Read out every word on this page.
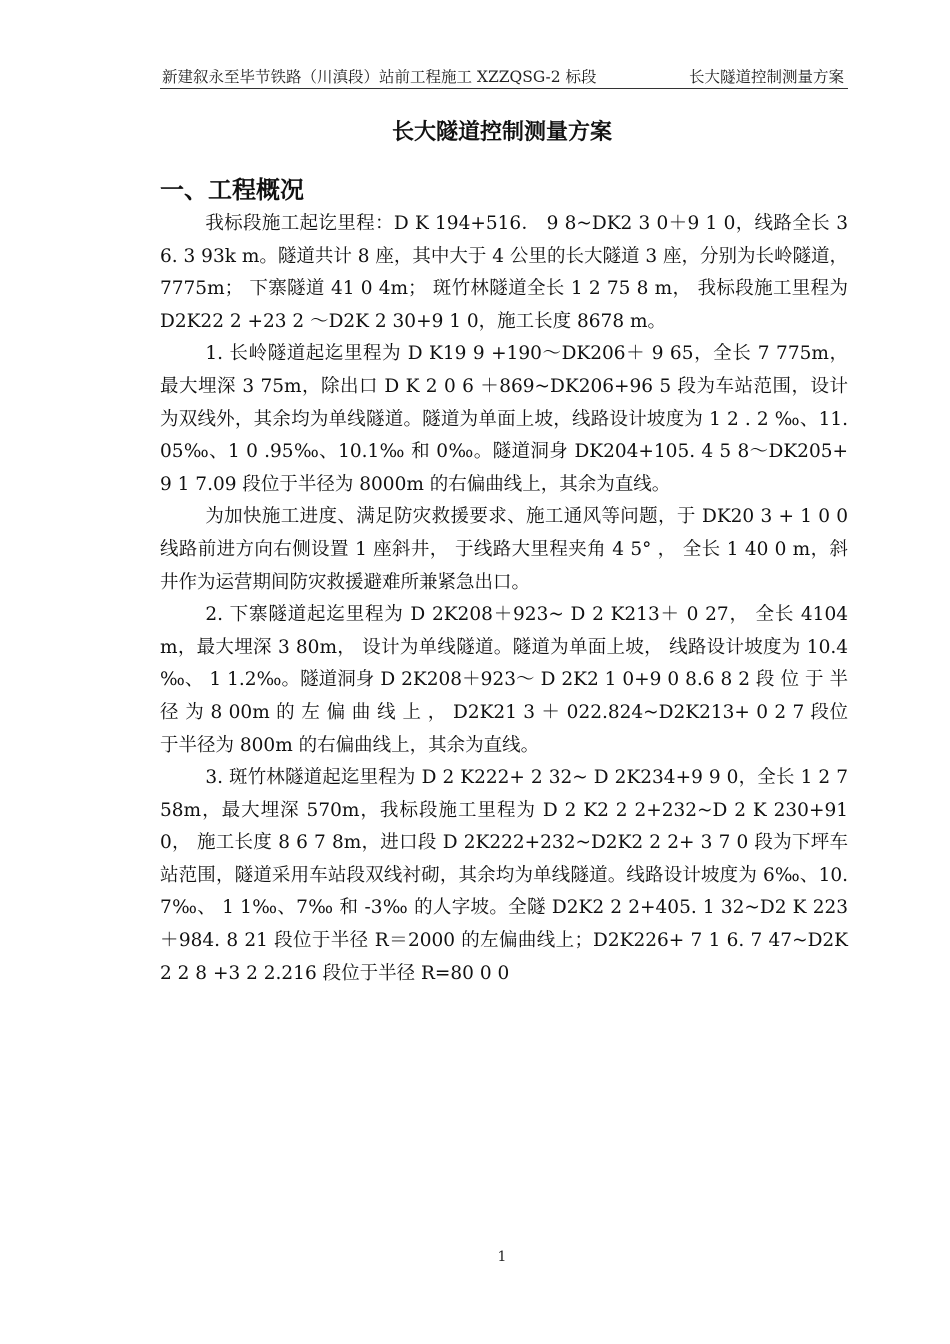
新建叙永至毕节铁路（川滇段）站前工程施工 XZZQSG-2 标段	长大隧道控制测量方案
长大隧道控制测量方案
一、工程概况

我标段施工起讫里程：D K 194+516． 9 8~DK2 3 0＋9 1 0，线路全长 36. 3 93k m。隧道共计 8 座，其中大于 4 公里的长大隧道 3 座，分别为长岭隧道，7775m； 下寨隧道 41 0 4m； 斑竹林隧道全长 1 2 75 8 m， 我标段施工里程为 D2K22 2 +23 2 ～D2K 2 30+9 1 0，施工长度 8678 m。

1. 长岭隧道起迄里程为 D K19 9 +190～DK206＋ 9 65，全长 7 775m，最大埋深 3 75m，除出口 D K 2 0 6 ＋869~DK206+96 5 段为车站范围，设计为双线外，其余均为单线隧道。隧道为单面上坡，线路设计坡度为 1 2 . 2 ‰、11.05‰、1 0 .95‰、10.1‰ 和 0‰。隧道洞身 DK204+105. 4 5 8～DK205+9 1 7.09 段位于半径为 8000m 的右偏曲线上，其余为直线。

为加快施工进度、满足防灾救援要求、施工通风等问题，于 DK20 3 + 1 0 0 线路前进方向右侧设置 1 座斜井， 于线路大里程夹角 4 5° ， 全长 1 40 0 m，斜井作为运营期间防灾救援避难所兼紧急出口。

2. 下寨隧道起迄里程为 D 2K208＋923~ D 2 K213＋ 0 27， 全长 4104 m，最大埋深 3 80m， 设计为单线隧道。隧道为单面上坡， 线路设计坡度为 10.4 ‰、 1 1.2‰。隧道洞身 D 2K208＋923～ D 2K2 1 0+9 0 8.6 8 2 段 位 于 半 径 为 8 00m 的 左 偏 曲 线 上 ， D2K21 3 ＋ 022.824~D2K213+ 0 2 7 段位于半径为 800m 的右偏曲线上，其余为直线。

3. 斑竹林隧道起迄里程为 D 2 K222+ 2 32~ D 2K234+9 9 0，全长 1 2 7 58m，最大埋深 570m，我标段施工里程为 D 2 K2 2 2+232~D 2 K 230+910， 施工长度 8 6 7 8m，进口段 D 2K222+232~D2K2 2 2+ 3 7 0 段为下坪车站范围，隧道采用车站段双线衬砌，其余均为单线隧道。线路设计坡度为 6‰、10.7‰、 1 1‰、7‰ 和 -3‰ 的人字坡。全隧 D2K2 2 2+405. 1 32~D2 K 223＋984. 8 21 段位于半径 R＝2000 的左偏曲线上；D2K226+ 7 1 6. 7 47~D2K 2 2 8 +3 2 2.216 段位于半径 R=80 0 0

1
